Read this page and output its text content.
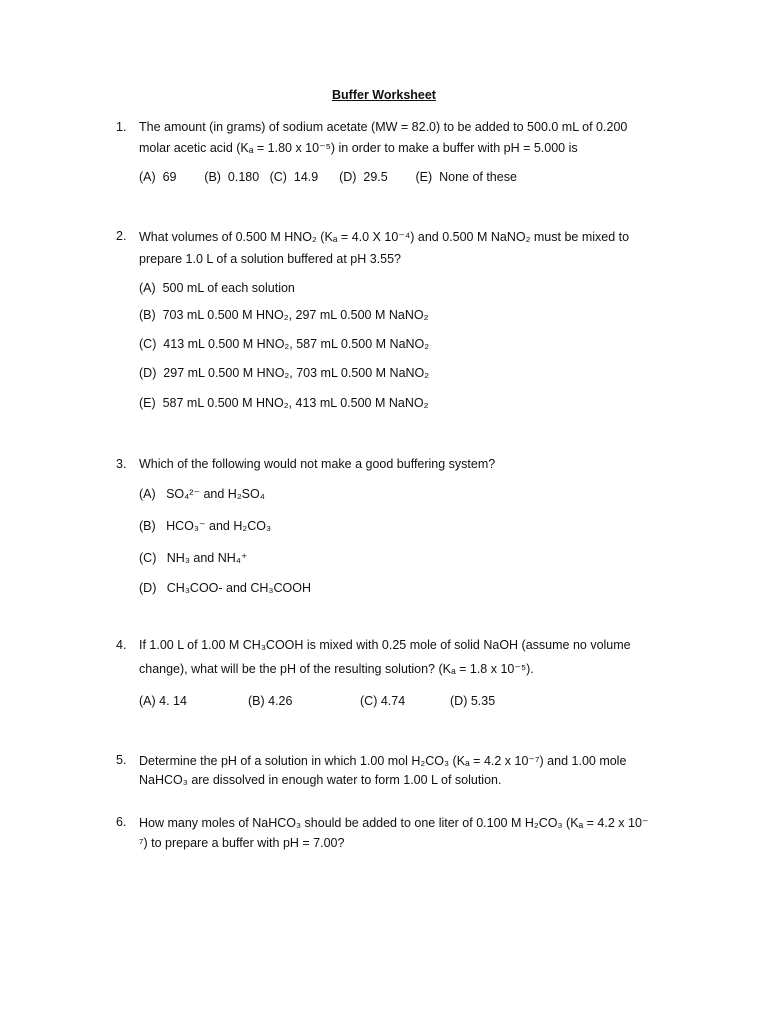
Buffer Worksheet
1.	The amount (in grams) of sodium acetate (MW = 82.0) to be added to 500.0 mL of 0.200
molar acetic acid (Kₐ = 1.80 x 10⁻⁵) in order to make a buffer with pH = 5.000 is
(A)  69        (B)  0.180   (C)  14.9      (D)  29.5        (E)  None of these
2.	What volumes of 0.500 M HNO₂ (Kₐ = 4.0 X 10⁻⁴) and 0.500 M NaNO₂ must be mixed to
prepare 1.0 L of a solution buffered at pH 3.55?
(A)  500 mL of each solution
(B)  703 mL 0.500 M HNO₂, 297 mL 0.500 M NaNO₂
(C)  413 mL 0.500 M HNO₂, 587 mL 0.500 M NaNO₂
(D)  297 mL 0.500 M HNO₂, 703 mL 0.500 M NaNO₂
(E)  587 mL 0.500 M HNO₂, 413 mL 0.500 M NaNO₂
3.	Which of the following would not make a good buffering system?
(A)   SO₄²⁻ and H₂SO₄
(B)   HCO₃⁻ and H₂CO₃
(C)   NH₃ and NH₄⁺
(D)   CH₃COO- and CH₃COOH
4.	If 1.00 L of 1.00 M CH₃COOH is mixed with 0.25 mole of solid NaOH (assume no volume
change), what will be the pH of the resulting solution? (Kₐ = 1.8 x 10⁻⁵).
(A) 4. 14	(B) 4.26	(C) 4.74	(D) 5.35
5.	Determine the pH of a solution in which 1.00 mol H₂CO₃ (Kₐ = 4.2 x 10⁻⁷) and 1.00 mole
NaHCO₃ are dissolved in enough water to form 1.00 L of solution.
6.	How many moles of NaHCO₃ should be added to one liter of 0.100 M H₂CO₃ (Kₐ = 4.2 x 10⁻
⁷) to prepare a buffer with pH = 7.00?
